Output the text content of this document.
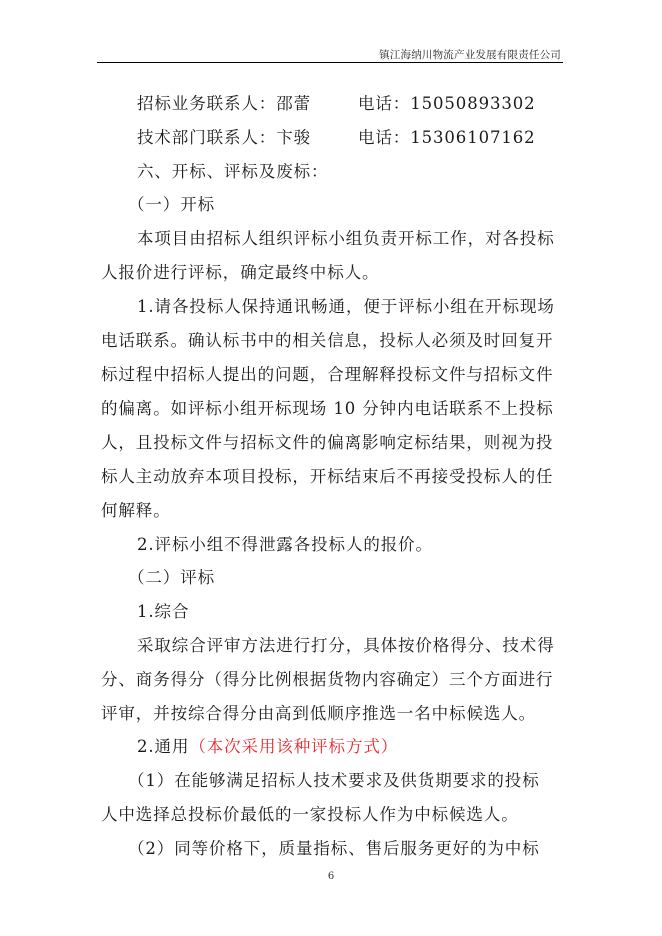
镇江海纳川物流产业发展有限责任公司
招标业务联系人：邵蕾	电话：15050893302
技术部门联系人：卞骏	电话：15306107162
六、开标、评标及废标：
（一）开标
本项目由招标人组织评标小组负责开标工作，对各投标
人报价进行评标，确定最终中标人。
1.请各投标人保持通讯畅通，便于评标小组在开标现场
电话联系。确认标书中的相关信息，投标人必须及时回复开
标过程中招标人提出的问题，合理解释投标文件与招标文件
的偏离。如评标小组开标现场 10 分钟内电话联系不上投标
人，且投标文件与招标文件的偏离影响定标结果，则视为投
标人主动放弃本项目投标，开标结束后不再接受投标人的任
何解释。
2.评标小组不得泄露各投标人的报价。
（二）评标
1.综合
采取综合评审方法进行打分，具体按价格得分、技术得
分、商务得分（得分比例根据货物内容确定）三个方面进行
评审，并按综合得分由高到低顺序推选一名中标候选人。
2.通用（本次采用该种评标方式）
（1）在能够满足招标人技术要求及供货期要求的投标
人中选择总投标价最低的一家投标人作为中标候选人。
（2）同等价格下，质量指标、售后服务更好的为中标
6
